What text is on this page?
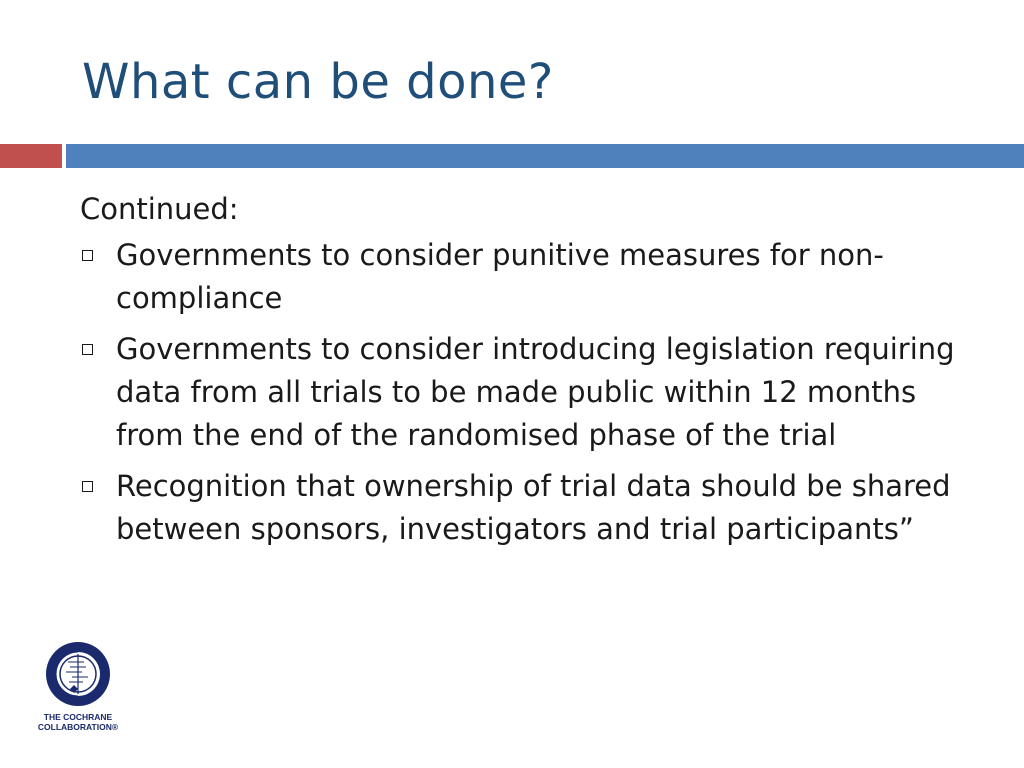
What can be done?
Continued:
Governments to consider punitive measures for non-compliance
Governments to consider introducing legislation requiring data from all trials to be made public within 12 months from the end of the randomised phase of the trial
Recognition that ownership of trial data should be shared between sponsors, investigators and trial participants”
THE COCHRANE
COLLABORATION®
